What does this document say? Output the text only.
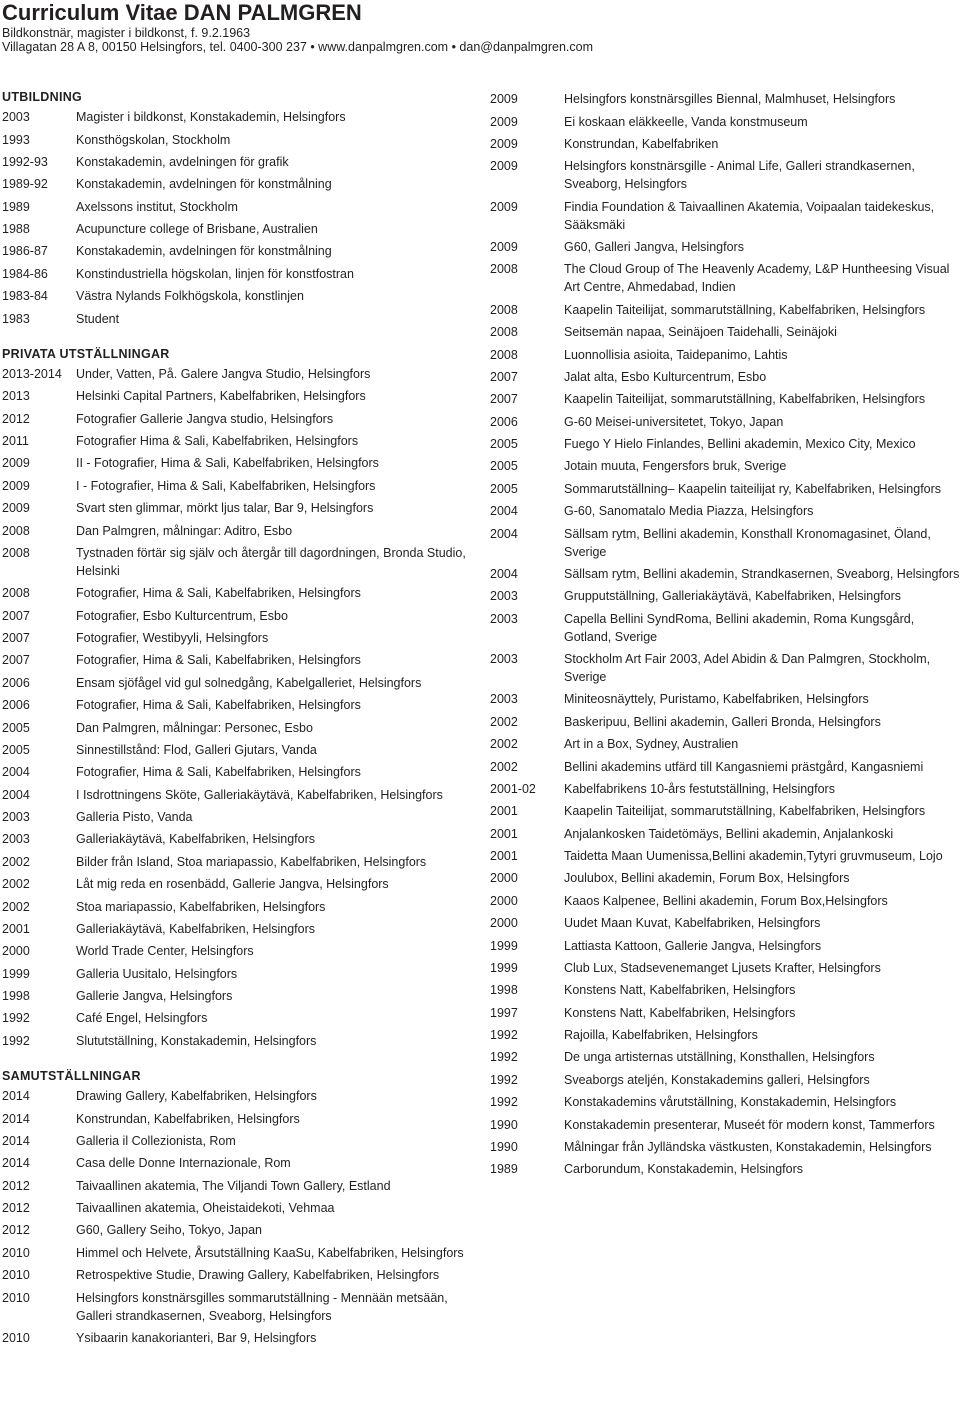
Curriculum Vitae DAN PALMGREN
Bildkonstnär, magister i bildkonst, f. 9.2.1963
Villagatan 28 A 8, 00150 Helsingfors, tel. 0400-300 237 • www.danpalmgren.com • dan@danpalmgren.com
UTBILDNING
2003	Magister i bildkonst, Konstakademin, Helsingfors
1993	Konsthögskolan, Stockholm
1992-93	Konstakademin, avdelningen för grafik
1989-92	Konstakademin, avdelningen för konstmålning
1989	Axelssons institut, Stockholm
1988	Acupuncture college of Brisbane, Australien
1986-87	Konstakademin, avdelningen för konstmålning
1984-86	Konstindustriella högskolan, linjen för konstfostran
1983-84	Västra Nylands Folkhögskola, konstlinjen
1983	Student
PRIVATA UTSTÄLLNINGAR
2013-2014	Under, Vatten, På. Galere Jangva Studio, Helsingfors
2013	Helsinki Capital Partners, Kabelfabriken, Helsingfors
2012	Fotografier Gallerie Jangva studio, Helsingfors
2011	Fotografier Hima & Sali, Kabelfabriken, Helsingfors
2009	II - Fotografier, Hima & Sali, Kabelfabriken, Helsingfors
2009	I - Fotografier, Hima & Sali, Kabelfabriken, Helsingfors
2009	Svart sten glimmar, mörkt ljus talar, Bar 9, Helsingfors
2008	Dan Palmgren, målningar: Aditro, Esbo
2008	Tystnaden förtär sig själv och återgår till dagordningen, Bronda Studio, Helsinki
2008	Fotografier, Hima & Sali, Kabelfabriken, Helsingfors
2007	Fotografier, Esbo Kulturcentrum, Esbo
2007	Fotografier, Westibyyli, Helsingfors
2007	Fotografier, Hima & Sali, Kabelfabriken, Helsingfors
2006	Ensam sjöfågel vid gul solnedgång, Kabelgalleriet, Helsingfors
2006	Fotografier, Hima & Sali, Kabelfabriken, Helsingfors
2005	Dan Palmgren, målningar: Personec, Esbo
2005	Sinnestillstånd: Flod, Galleri Gjutars, Vanda
2004	Fotografier, Hima & Sali, Kabelfabriken, Helsingfors
2004	I Isdrottningens Sköte, Galleriakäytävä, Kabelfabriken, Helsingfors
2003	Galleria Pisto, Vanda
2003	Galleriakäytävä, Kabelfabriken, Helsingfors
2002	Bilder från Island, Stoa mariapassio, Kabelfabriken, Helsingfors
2002	Låt mig reda en rosenbädd, Gallerie Jangva, Helsingfors
2002	Stoa mariapassio, Kabelfabriken, Helsingfors
2001	Galleriakäytävä, Kabelfabriken, Helsingfors
2000	World Trade Center, Helsingfors
1999	Galleria Uusitalo, Helsingfors
1998	Gallerie Jangva, Helsingfors
1992	Café Engel, Helsingfors
1992	Slututställning, Konstakademin, Helsingfors
SAMUTSTÄLLNINGAR
2014	Drawing Gallery, Kabelfabriken, Helsingfors
2014	Konstrundan, Kabelfabriken, Helsingfors
2014	Galleria il Collezionista, Rom
2014	Casa delle Donne Internazionale, Rom
2012	Taivaallinen akatemia, The Viljandi Town Gallery, Estland
2012	Taivaallinen akatemia, Oheistaidekoti, Vehmaa
2012	G60, Gallery Seiho, Tokyo, Japan
2010	Himmel och Helvete, Årsutställning KaaSu, Kabelfabriken, Helsingfors
2010	Retrospektive Studie, Drawing Gallery, Kabelfabriken, Helsingfors
2010	Helsingfors konstnärsgilles sommarutställning - Mennään metsään, Galleri strandkasernen, Sveaborg, Helsingfors
2010	Ysibaarin kanakorianteri, Bar 9, Helsingfors
2009	Helsingfors konstnärsgilles Biennal, Malmhuset, Helsingfors
2009	Ei koskaan eläkkeelle, Vanda konstmuseum
2009	Konstrundan, Kabelfabriken
2009	Helsingfors konstnärsgille - Animal Life, Galleri strandkasernen, Sveaborg, Helsingfors
2009	Findia Foundation & Taivaallinen Akatemia, Voipaalan taidekeskus, Sääksmäki
2009	G60, Galleri Jangva, Helsingfors
2008	The Cloud Group of The Heavenly Academy, L&P Huntheesing Visual Art Centre, Ahmedabad, Indien
2008	Kaapelin Taiteilijat, sommarutställning, Kabelfabriken, Helsingfors
2008	Seitsemän napaa, Seinäjoen Taidehalli, Seinäjoki
2008	Luonnollisia asioita, Taidepanimo, Lahtis
2007	Jalat alta, Esbo Kulturcentrum, Esbo
2007	Kaapelin Taiteilijat, sommarutställning, Kabelfabriken, Helsingfors
2006	G-60 Meisei-universitetet, Tokyo, Japan
2005	Fuego Y Hielo Finlandes, Bellini akademin, Mexico City, Mexico
2005	Jotain muuta, Fengersfors bruk, Sverige
2005	Sommarutställning– Kaapelin taiteilijat ry, Kabelfabriken, Helsingfors
2004	G-60, Sanomatalo Media Piazza, Helsingfors
2004	Sällsam rytm, Bellini akademin, Konsthall Kronomagasinet, Öland, Sverige
2004	Sällsam rytm, Bellini akademin, Strandkasernen, Sveaborg, Helsingfors
2003	Grupputställning, Galleriakäytävä, Kabelfabriken, Helsingfors
2003	Capella Bellini SyndRoma, Bellini akademin, Roma Kungsgård, Gotland, Sverige
2003	Stockholm Art Fair 2003, Adel Abidin & Dan Palmgren, Stockholm, Sverige
2003	Miniteosnäyttely, Puristamo, Kabelfabriken, Helsingfors
2002	Baskeripuu, Bellini akademin, Galleri Bronda, Helsingfors
2002	Art in a Box, Sydney, Australien
2002	Bellini akademins utfärd till Kangasniemi prästgård, Kangasniemi
2001-02	Kabelfabrikens 10-års festutställning, Helsingfors
2001	Kaapelin Taiteilijat, sommarutställning, Kabelfabriken, Helsingfors
2001	Anjalankosken Taidetömäys, Bellini akademin, Anjalankoski
2001	Taidetta Maan Uumenissa,Bellini akademin,Tytyri gruvmuseum, Lojo
2000	Joulubox, Bellini akademin, Forum Box, Helsingfors
2000	Kaaos Kalpenee, Bellini akademin, Forum Box,Helsingfors
2000	Uudet Maan Kuvat, Kabelfabriken, Helsingfors
1999	Lattiasta Kattoon, Gallerie Jangva, Helsingfors
1999	Club Lux, Stadsevenemanget Ljusets Krafter, Helsingfors
1998	Konstens Natt, Kabelfabriken, Helsingfors
1997	Konstens Natt, Kabelfabriken, Helsingfors
1992	Rajoilla, Kabelfabriken, Helsingfors
1992	De unga artisternas utställning, Konsthallen, Helsingfors
1992	Sveaborgs ateljén, Konstakademins galleri, Helsingfors
1992	Konstakademins vårutställning, Konstakademin, Helsingfors
1990	Konstakademin presenterar, Museét för modern konst, Tammerfors
1990	Målningar från Jylländska västkusten, Konstakademin, Helsingfors
1989	Carborundum, Konstakademin, Helsingfors
